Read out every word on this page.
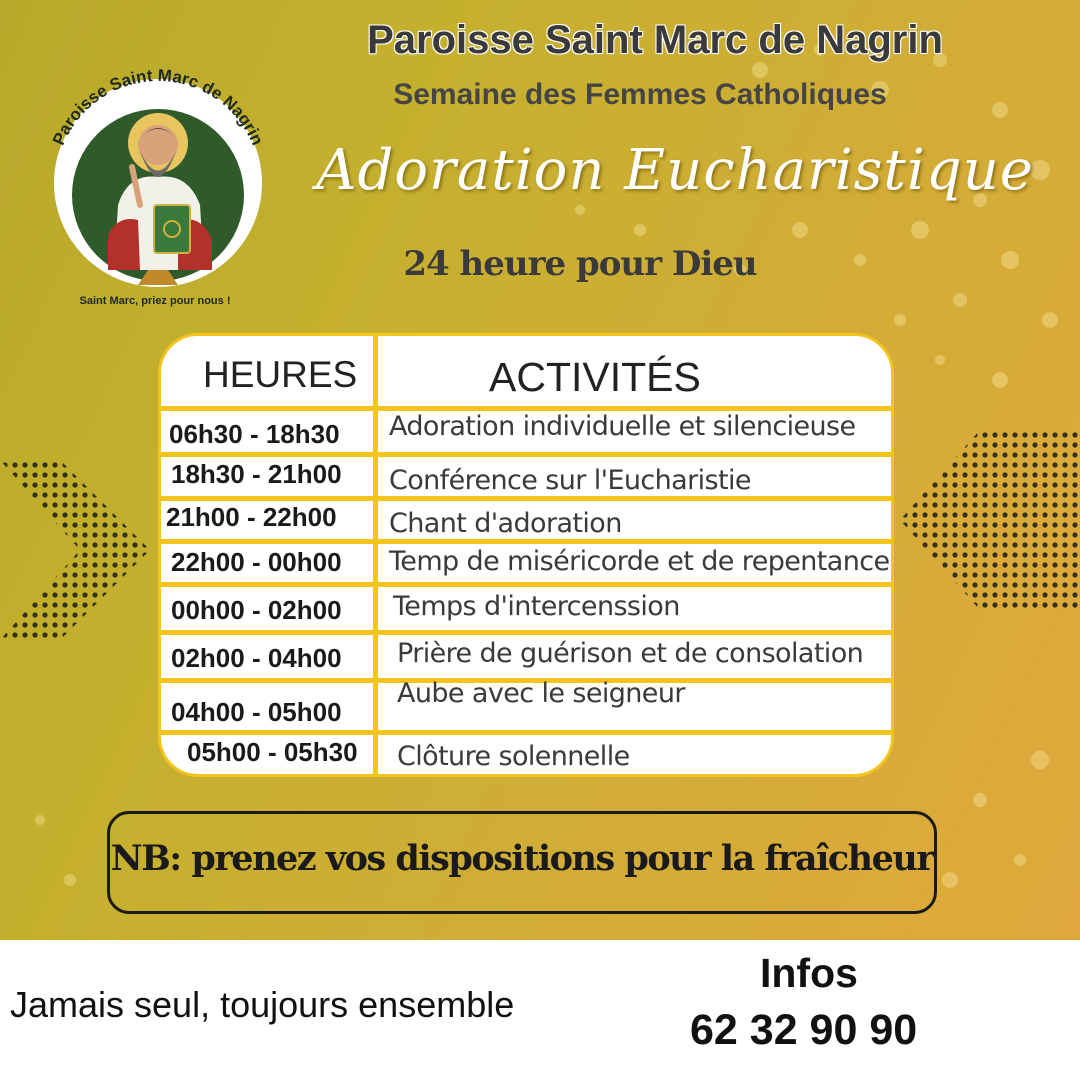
Paroisse Saint Marc de Nagrin
Saint Marc, priez pour nous !
Paroisse Saint Marc de Nagrin
Semaine des Femmes Catholiques
Adoration Eucharistique
24 heure pour Dieu
HEURES	ACTIVITÉS
06h30 - 18h30 Adoration individuelle et silencieuse
18h30 - 21h00 Conférence sur l'Eucharistie
21h00 - 22h00 Chant d'adoration
22h00 - 00h00 Temp de miséricorde et de repentance
00h00 - 02h00 Temps d'intercenssion
02h00 - 04h00 Prière de guérison et de consolation
04h00 - 05h00
Aube avec le seigneur
05h00 - 05h30 Clôture solennelle
NB: prenez vos dispositions pour la fraîcheur
Jamais seul, toujours ensemble
Infos
62 32 90 90
